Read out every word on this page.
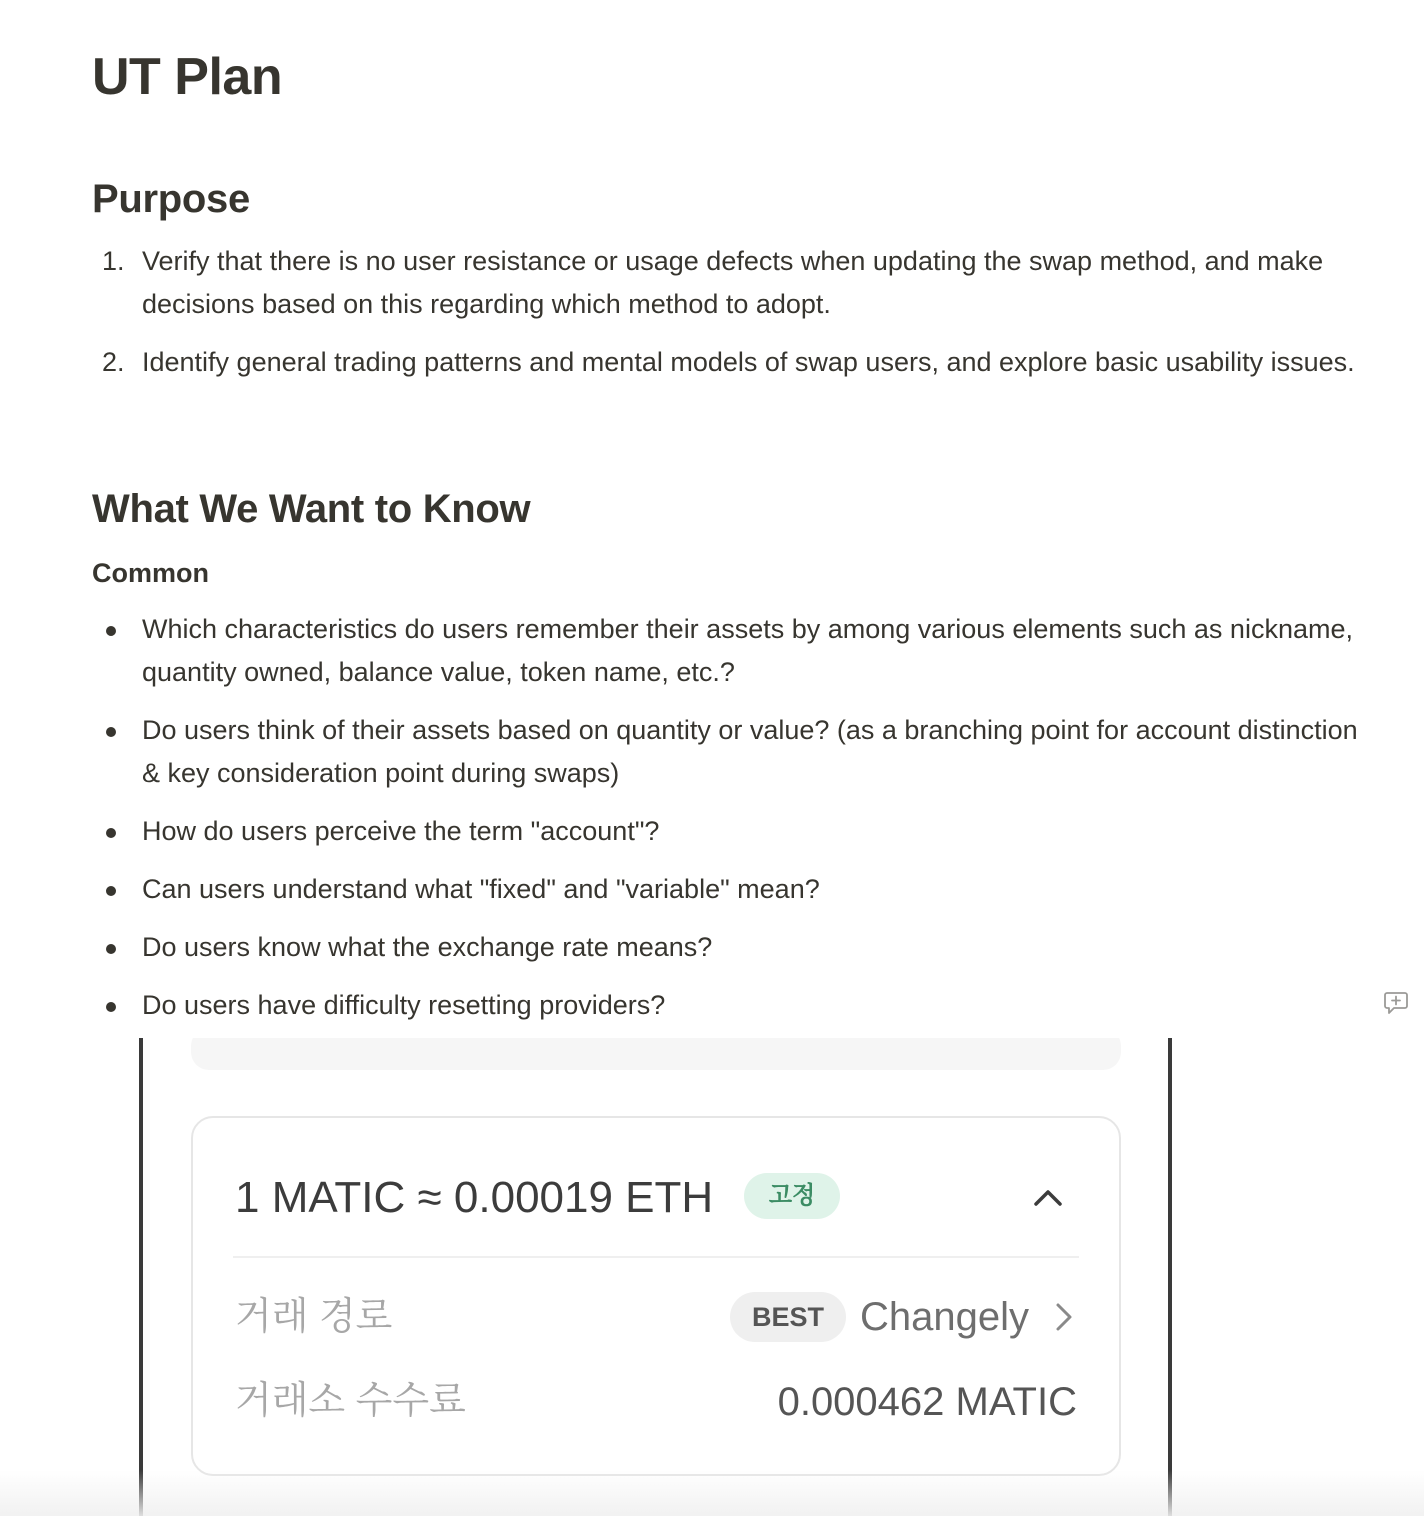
UT Plan
Purpose
1. Verify that there is no user resistance or usage defects when updating the swap method, and make decisions based on this regarding which method to adopt.
2. Identify general trading patterns and mental models of swap users, and explore basic usability issues.
What We Want to Know
Common
Which characteristics do users remember their assets by among various elements such as nickname, quantity owned, balance value, token name, etc.?
Do users think of their assets based on quantity or value? (as a branching point for account distinction & key consideration point during swaps)
How do users perceive the term "account"?
Can users understand what "fixed" and "variable" mean?
Do users know what the exchange rate means?
Do users have difficulty resetting providers?
1 MATIC ≈ 0.00019 ETH	고정
거래 경로	BEST Changely
거래소 수수료	0.000462 MATIC
